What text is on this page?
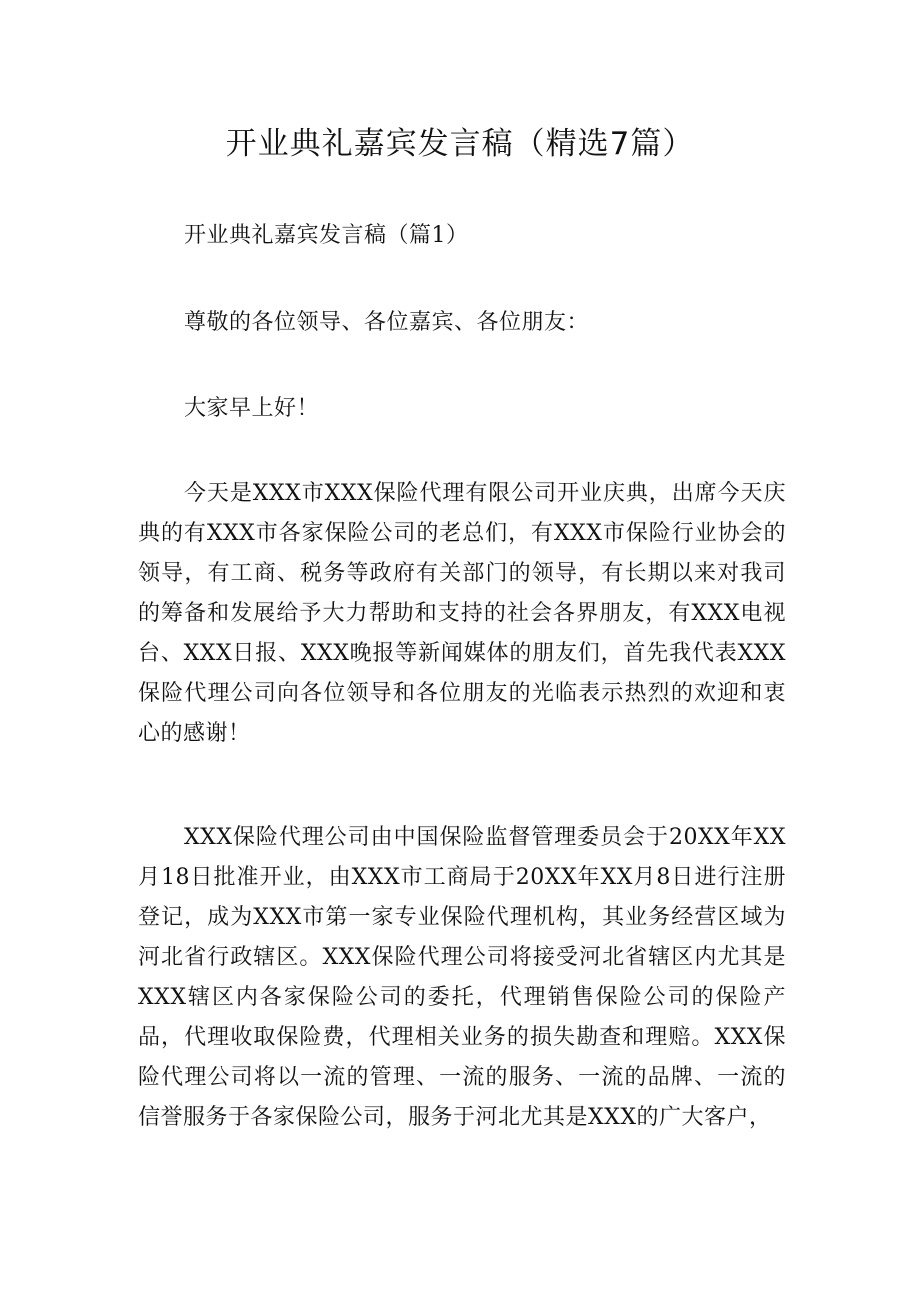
开业典礼嘉宾发言稿（精选7篇）

开业典礼嘉宾发言稿（篇1）

尊敬的各位领导、各位嘉宾、各位朋友：

大家早上好！

今天是XXX市XXX保险代理有限公司开业庆典，出席今天庆典的有XXX市各家保险公司的老总们，有XXX市保险行业协会的领导，有工商、税务等政府有关部门的领导，有长期以来对我司的筹备和发展给予大力帮助和支持的社会各界朋友，有XXX电视台、XXX日报、XXX晚报等新闻媒体的朋友们，首先我代表XXX保险代理公司向各位领导和各位朋友的光临表示热烈的欢迎和衷心的感谢！

XXX保险代理公司由中国保险监督管理委员会于20XX年XX月18日批准开业，由XXX市工商局于20XX年XX月8日进行注册登记，成为XXX市第一家专业保险代理机构，其业务经营区域为河北省行政辖区。XXX保险代理公司将接受河北省辖区内尤其是XXX辖区内各家保险公司的委托，代理销售保险公司的保险产品，代理收取保险费，代理相关业务的损失勘查和理赔。XXX保险代理公司将以一流的管理、一流的服务、一流的品牌、一流的信誉服务于各家保险公司，服务于河北尤其是XXX的广大客户，
